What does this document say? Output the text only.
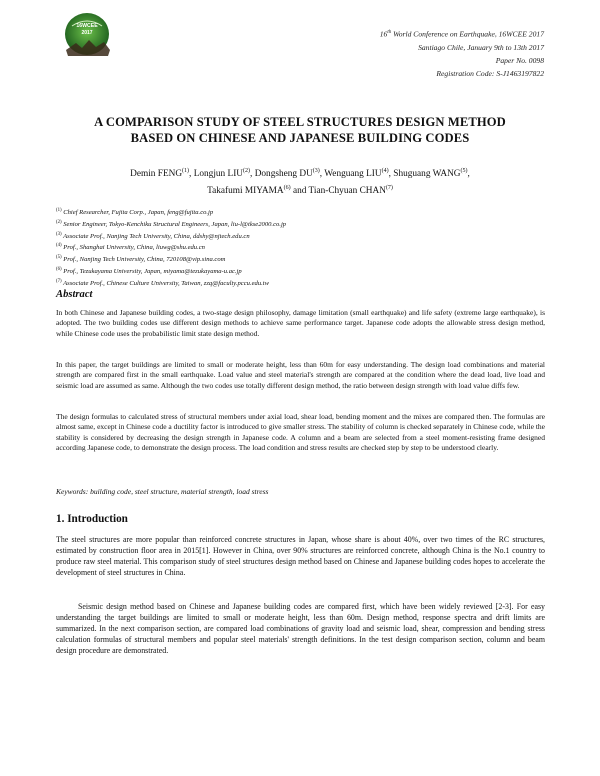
16WCEE
2017	16th World Conference on Earthquake, 16WCEE 2017
Santiago Chile, January 9th to 13th 2017
Paper No. 0098
Registration Code: S-J1463197822
A COMPARISON STUDY OF STEEL STRUCTURES DESIGN METHOD
BASED ON CHINESE AND JAPANESE BUILDING CODES
Demin FENG$^{(1)}$, Longjun LIU$^{(2)}$, Dongsheng DU$^{(3)}$, Wenguang LIU$^{(4)}$, Shuguang WANG$^{(5)}$,
Takafumi MIYAMA$^{(6)}$ and Tian-Chyuan CHAN$^{(7)}$
$^{(1)}$ Chief Researcher, Fujita Corp., Japan, feng@fujita.co.jp
$^{(2)}$ Senior Engineer, Tokyo-Kenchiku Structural Engineers, Japan, liu-l@tkse2000.co.jp
$^{(3)}$ Associate Prof., Nanjing Tech University, China, ddshy@njtech.edu.cn
$^{(4)}$ Prof., Shanghai University, China, liuwg@shu.edu.cn
$^{(5)}$ Prof., Nanjing Tech University, China, 720108@vip.sina.com
$^{(6)}$ Prof., Tezukayama University, Japan, miyama@tezukayama-u.ac.jp
$^{(7)}$ Associate Prof., Chinese Culture University, Taiwan, zzq@faculty.pccu.edu.tw
Abstract

In both Chinese and Japanese building codes, a two-stage design philosophy, damage limitation (small earthquake) and life safety (extreme large earthquake), is adopted. The two building codes use different design methods to achieve same performance target. Japanese code adopts the allowable stress design method, while Chinese code uses the probabilistic limit state design method.

In this paper, the target buildings are limited to small or moderate height, less than 60m for easy understanding. The design load combinations and material strength are compared first in the small earthquake. Load value and steel material's strength are compared at the condition where the dead load, live load and seismic load are assumed as same. Although the two codes use totally different design method, the ratio between design strength with load value diffs few.

The design formulas to calculated stress of structural members under axial load, shear load, bending moment and the mixes are compared then. The formulas are almost same, except in Chinese code a ductility factor is introduced to give smaller stress. The stability of column is checked separately in Chinese code, while the stability is considered by decreasing the design strength in Japanese code. A column and a beam are selected from a steel moment-resisting frame designed according Japanese code, to demonstrate the design process. The load condition and stress results are checked step by step to be understood clearly.

Keywords: building code, steel structure, material strength, load stress
1. Introduction

The steel structures are more popular than reinforced concrete structures in Japan, whose share is about 40%, over two times of the RC structures, estimated by construction floor area in 2015[1]. However in China, over 90% structures are reinforced concrete, although China is the No.1 country to produce raw steel material. This comparison study of steel structures design method based on Chinese and Japanese building codes hopes to accelerate the development of steel structures in China.

Seismic design method based on Chinese and Japanese building codes are compared first, which have been widely reviewed [2-3]. For easy understanding the target buildings are limited to small or moderate height, less than 60m. Design method, response spectra and drift limits are summarized. In the next comparison section, are compared load combinations of gravity load and seismic load, shear, compression and bending stress calculation formulas of structural members and popular steel materials' strength definitions. In the test design comparison section, column and beam design procedure are demonstrated.
